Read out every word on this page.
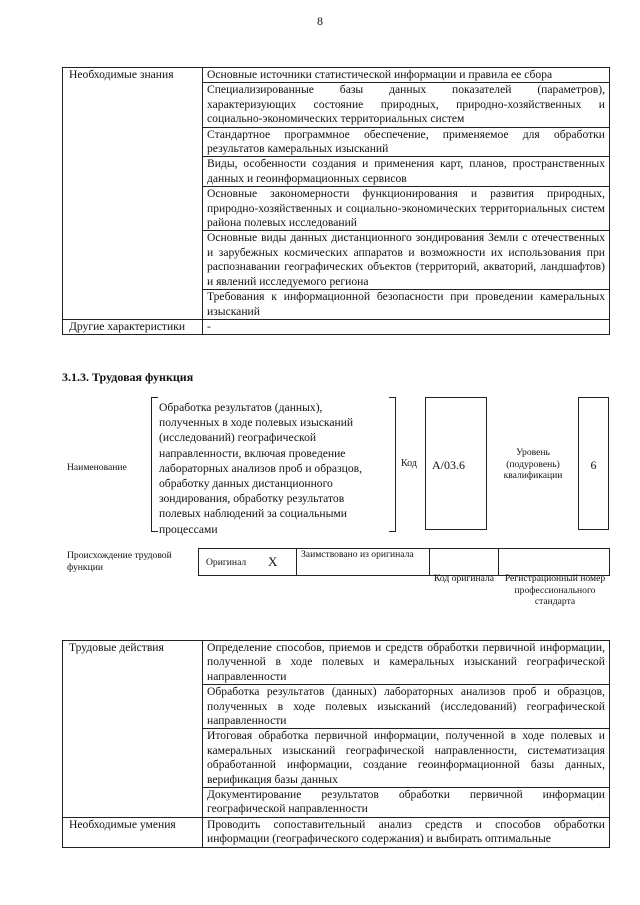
8
Необходимые знания	Основные источники статистической информации и правила ее сбора
	Специализированные базы данных показателей (параметров), характеризующих состояние природных, природно-хозяйственных и социально-экономических территориальных систем
	Стандартное программное обеспечение, применяемое для обработки результатов камеральных изысканий
	Виды, особенности создания и применения карт, планов, пространственных данных и геоинформационных сервисов
	Основные закономерности функционирования и развития природных, природно-хозяйственных и социально-экономических территориальных систем района полевых исследований
	Основные виды данных дистанционного зондирования Земли с отечественных и зарубежных космических аппаратов и возможности их использования при распознавании географических объектов (территорий, акваторий, ландшафтов) и явлений исследуемого региона
	Требования к информационной безопасности при проведении камеральных изысканий
Другие характеристики	-
3.1.3. Трудовая функция
Наименование
Обработка результатов (данных), полученных в ходе полевых изысканий (исследований) географической направленности, включая проведение лабораторных анализов проб и образцов, обработку данных дистанционного зондирования, обработку результатов полевых наблюдений за социальными процессами
Код A/03.6
Уровень (подуровень) квалификации
6
Происхождение трудовой функции	Оригинал X Заимствовано из оригинала
Код оригинала	Регистрационный номер профессионального стандарта
Трудовые действия	Определение способов, приемов и средств обработки первичной информации, полученной в ходе полевых и камеральных изысканий географической направленности
	Обработка результатов (данных) лабораторных анализов проб и образцов, полученных в ходе полевых изысканий (исследований) географической направленности
	Итоговая обработка первичной информации, полученной в ходе полевых и камеральных изысканий географической направленности, систематизация обработанной информации, создание геоинформационной базы данных, верификация базы данных
	Документирование результатов обработки первичной информации географической направленности
Необходимые умения	Проводить сопоставительный анализ средств и способов обработки информации (географического содержания) и выбирать оптимальные
